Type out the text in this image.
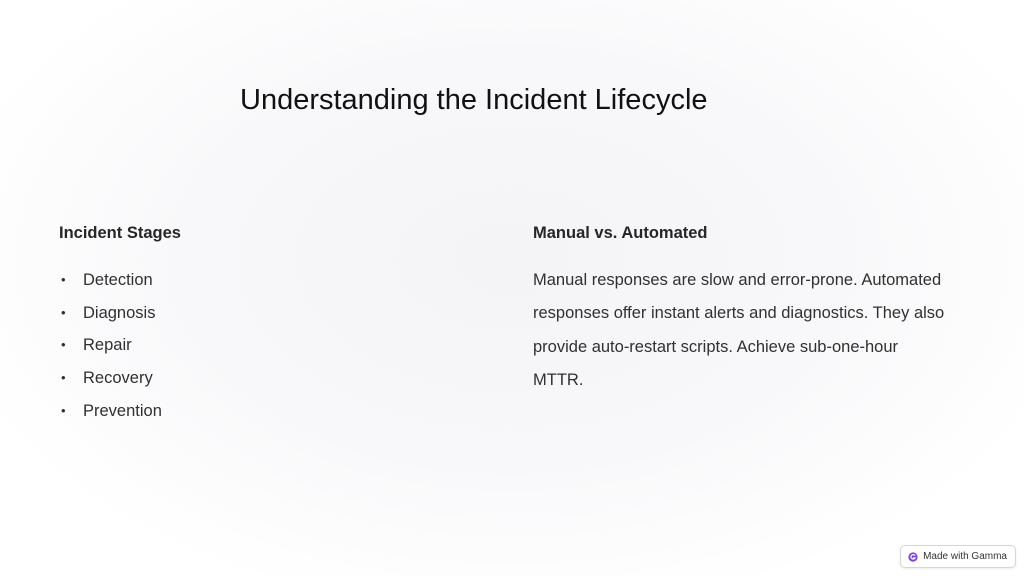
Understanding the Incident Lifecycle
Incident Stages
• Detection
• Diagnosis
• Repair
• Recovery
• Prevention
Manual vs. Automated
Manual responses are slow and error-prone. Automated
responses offer instant alerts and diagnostics. They also
provide auto-restart scripts. Achieve sub-one-hour
MTTR.
Made with Gamma
